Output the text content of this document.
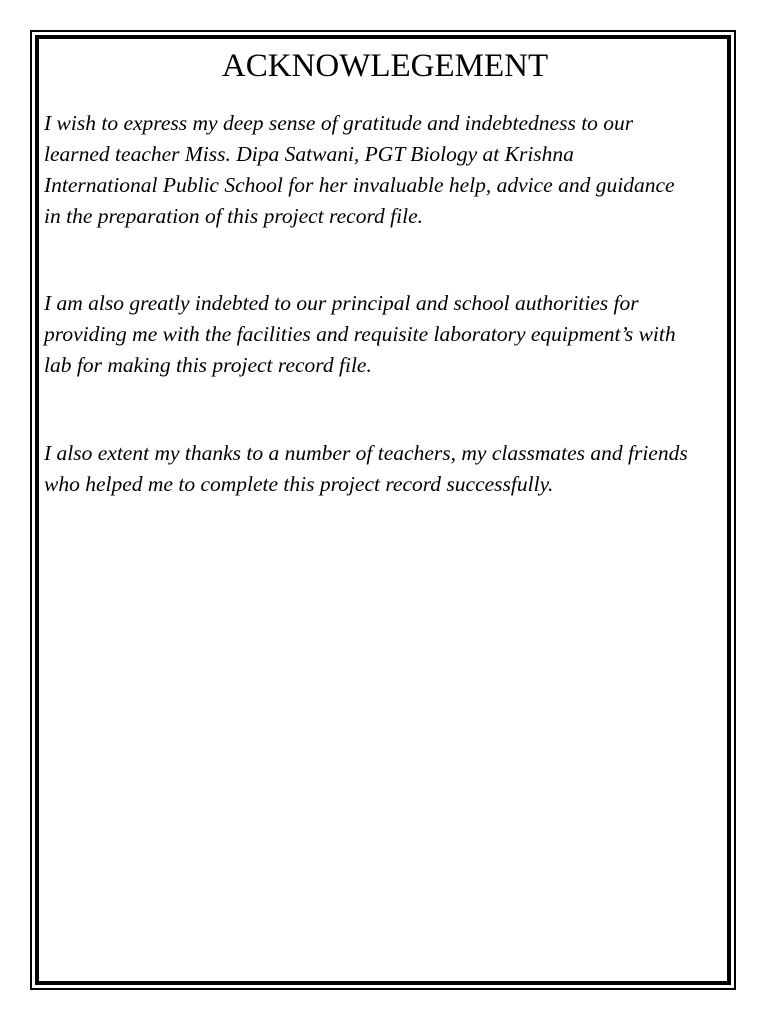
ACKNOWLEGEMENT

I wish to express my deep sense of gratitude and indebtedness to our
learned teacher Miss. Dipa Satwani, PGT Biology at Krishna
International Public School for her invaluable help, advice and guidance
in the preparation of this project record file.

I am also greatly indebted to our principal and school authorities for
providing me with the facilities and requisite laboratory equipment’s with
lab for making this project record file.

I also extent my thanks to a number of teachers, my classmates and friends
who helped me to complete this project record successfully.
